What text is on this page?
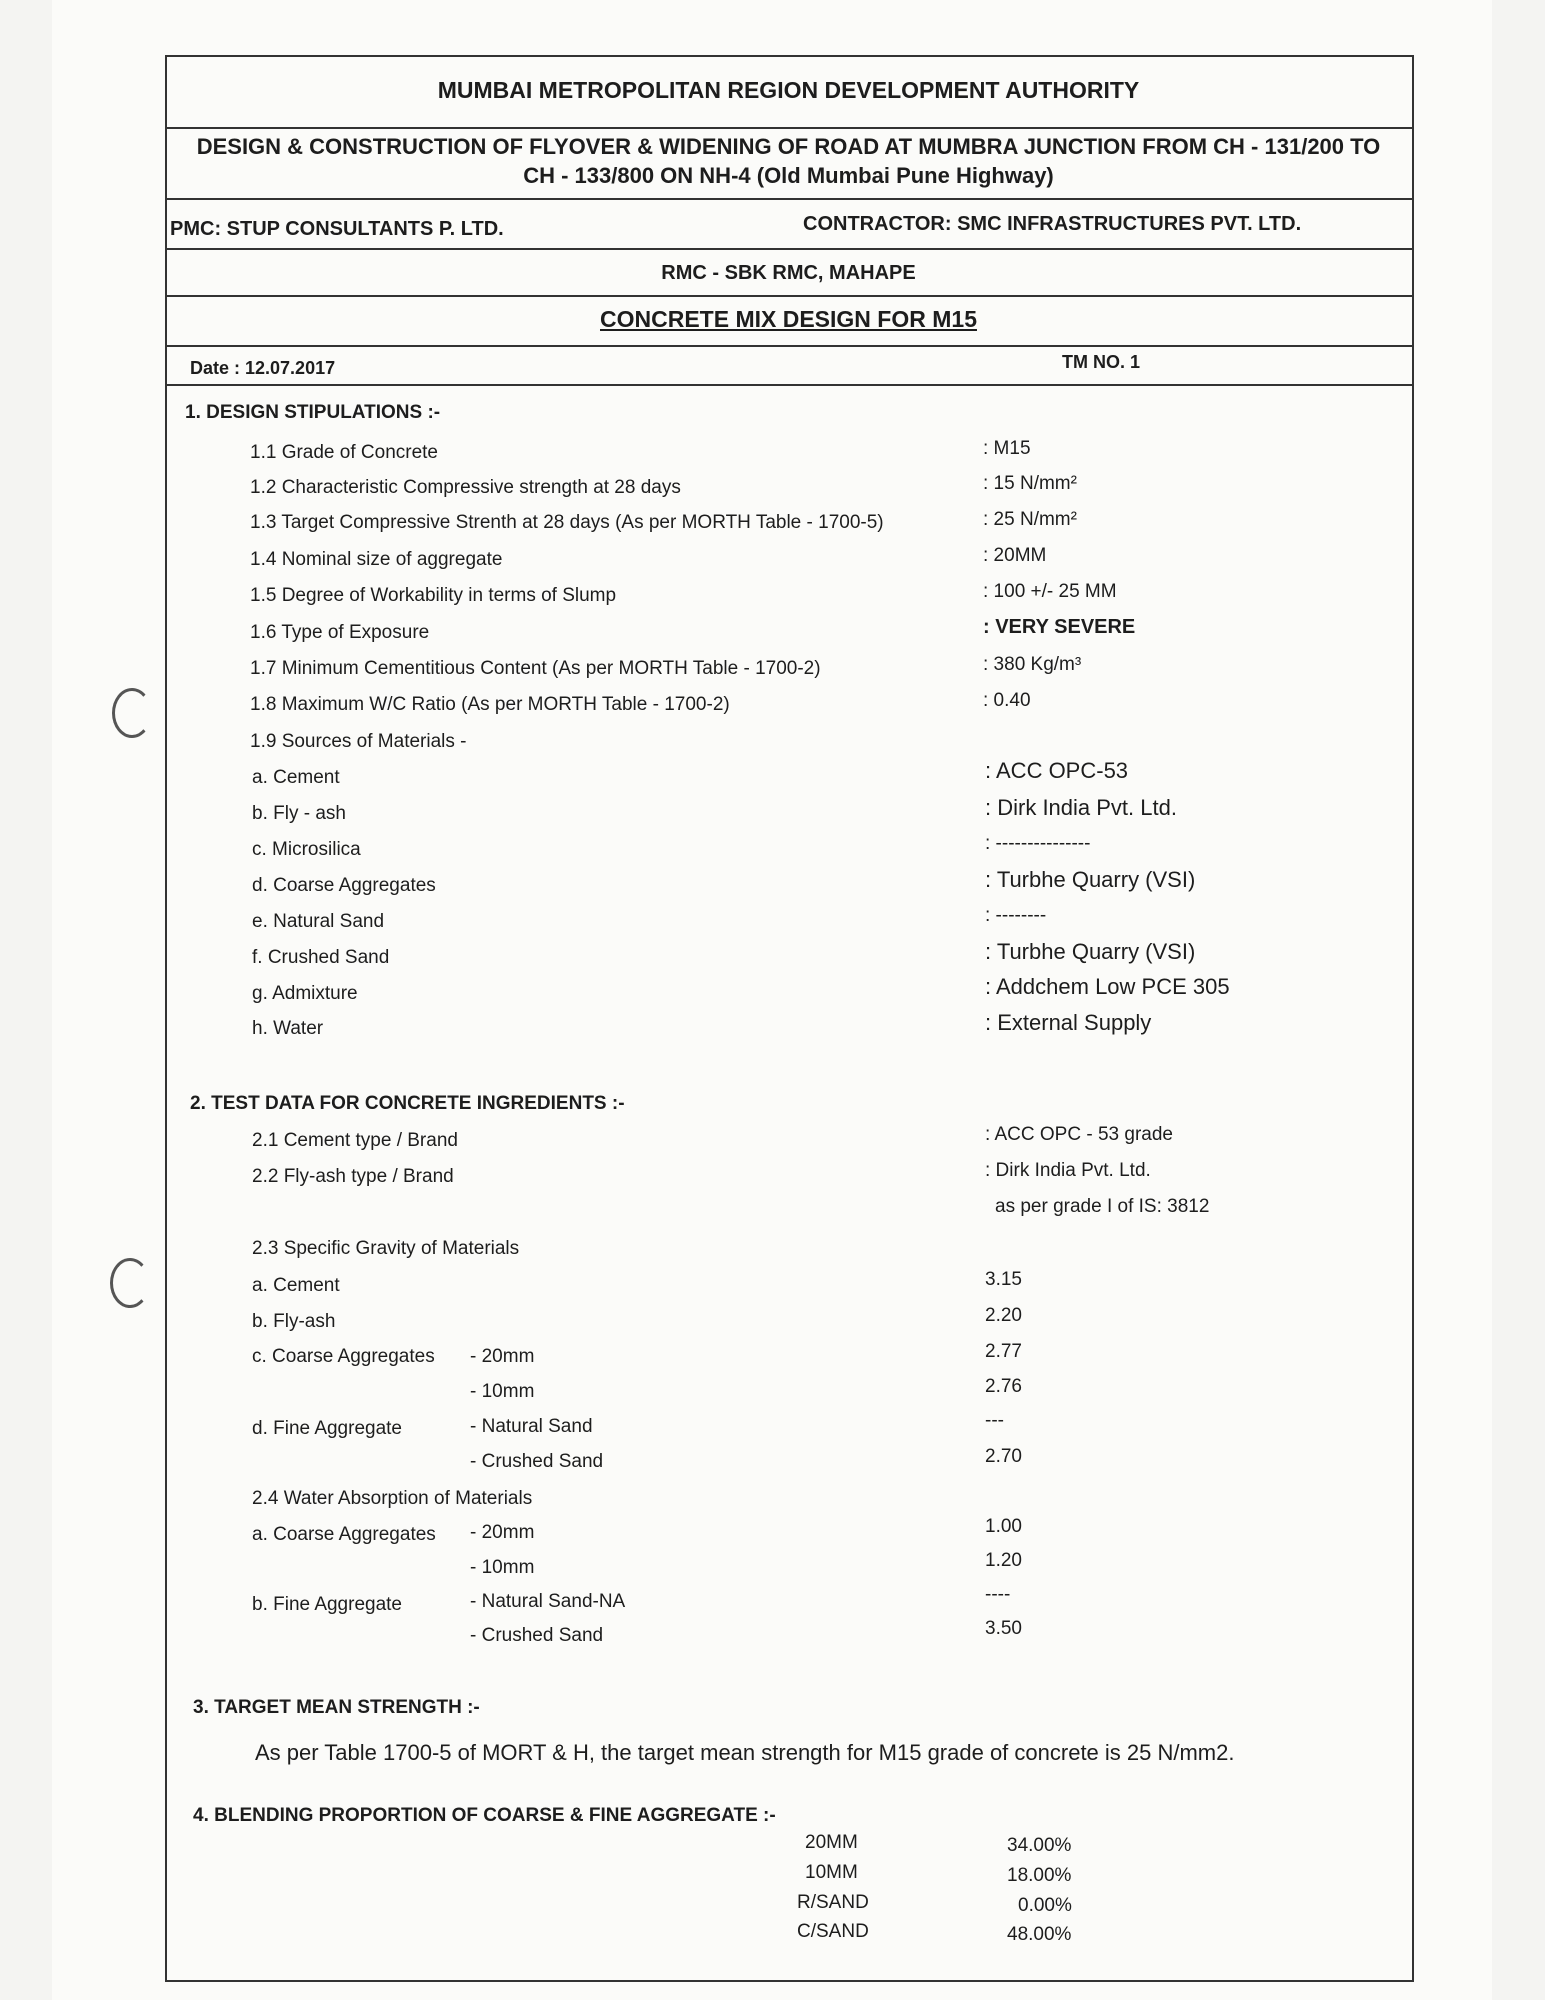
MUMBAI METROPOLITAN REGION DEVELOPMENT AUTHORITY
DESIGN & CONSTRUCTION OF FLYOVER & WIDENING OF ROAD AT MUMBRA JUNCTION FROM CH - 131/200 TO
CH - 133/800 ON NH-4 (Old Mumbai Pune Highway)
PMC: STUP CONSULTANTS P. LTD.	CONTRACTOR: SMC INFRASTRUCTURES PVT. LTD.
RMC - SBK RMC, MAHAPE
CONCRETE MIX DESIGN FOR M15
Date : 12.07.2017	TM NO. 1
1. DESIGN STIPULATIONS :-
1.1 Grade of Concrete	: M15
1.2 Characteristic Compressive strength at 28 days	: 15 N/mm²
1.3 Target Compressive Strenth at 28 days (As per MORTH Table - 1700-5)	: 25 N/mm²
1.4 Nominal size of aggregate	: 20MM
1.5 Degree of Workability in terms of Slump	: 100 +/- 25 MM
1.6 Type of Exposure	: VERY SEVERE
1.7 Minimum Cementitious Content (As per MORTH Table - 1700-2)	: 380 Kg/m³
1.8 Maximum W/C Ratio (As per MORTH Table - 1700-2)	: 0.40
1.9 Sources of Materials -
a. Cement	: ACC OPC-53
b. Fly - ash	: Dirk India Pvt. Ltd.
c. Microsilica	: ---------------
d. Coarse Aggregates	: Turbhe Quarry (VSI)
e. Natural Sand	: --------
f. Crushed Sand	: Turbhe Quarry (VSI)
g. Admixture	: Addchem Low PCE 305
h. Water	: External Supply
2. TEST DATA FOR CONCRETE INGREDIENTS :-
2.1 Cement type / Brand	: ACC OPC - 53 grade
2.2 Fly-ash type / Brand	: Dirk India Pvt. Ltd.
as per grade I of IS: 3812
2.3 Specific Gravity of Materials
a. Cement	3.15
b. Fly-ash	2.20
c. Coarse Aggregates - 20mm	2.77
- 10mm	2.76
d. Fine Aggregate	- Natural Sand	---
- Crushed Sand	2.70
2.4 Water Absorption of Materials
a. Coarse Aggregates - 20mm	1.00
- 10mm	1.20
b. Fine Aggregate	- Natural Sand-NA	----
- Crushed Sand	3.50
3. TARGET MEAN STRENGTH :-
As per Table 1700-5 of MORT & H, the target mean strength for M15 grade of concrete is 25 N/mm2.
4. BLENDING PROPORTION OF COARSE & FINE AGGREGATE :-
20MM	34.00%
10MM	18.00%
R/SAND	0.00%
C/SAND	48.00%
